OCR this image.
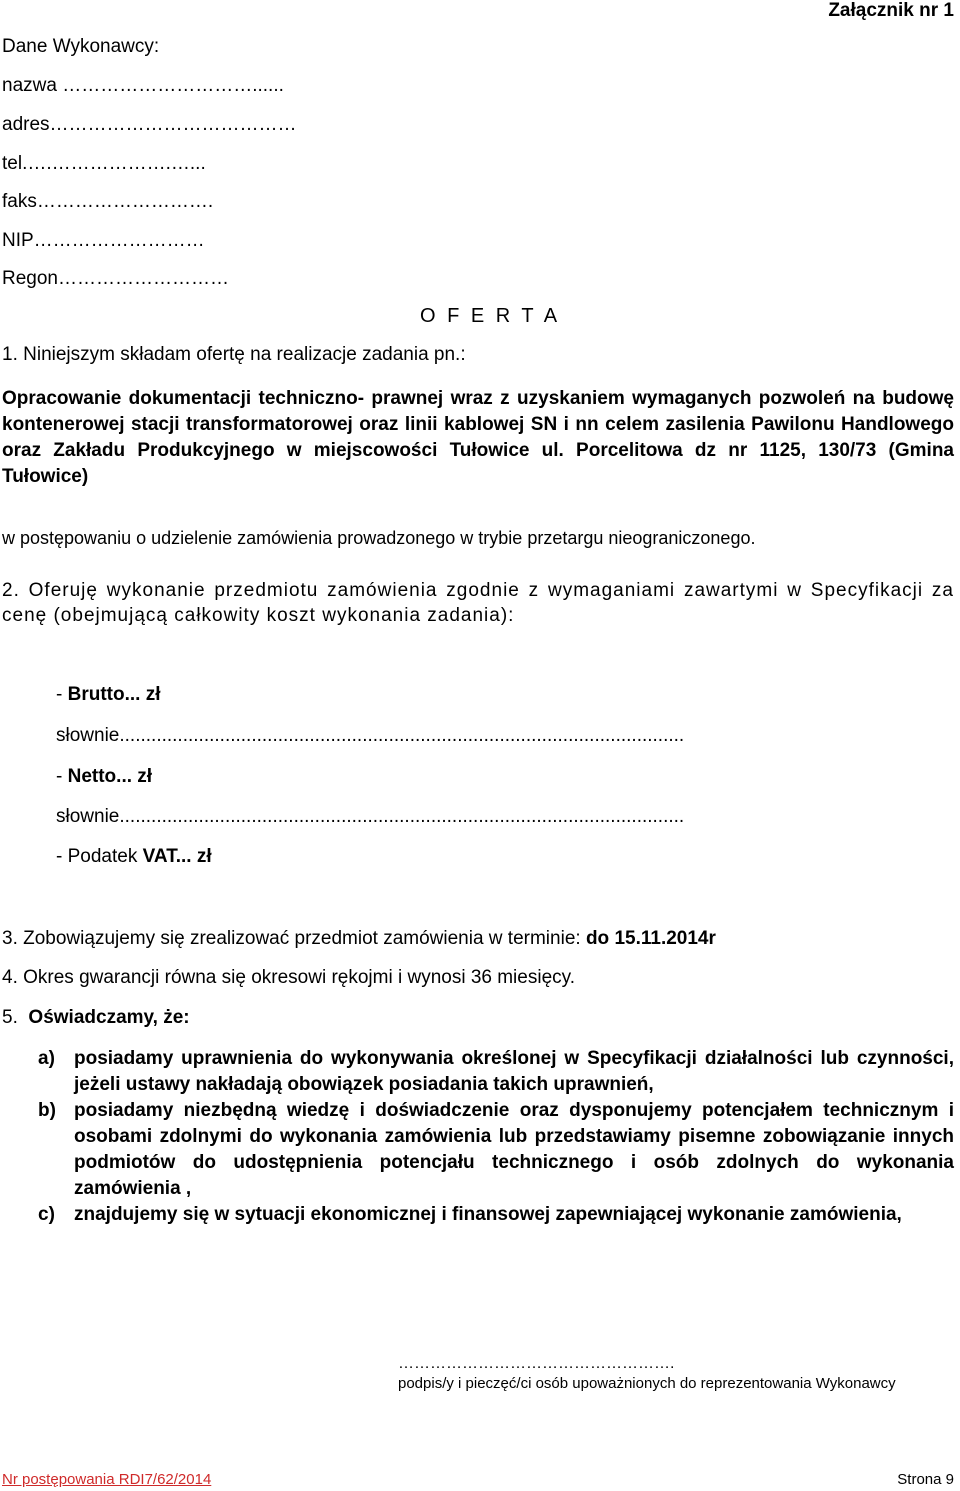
Załącznik nr 1
Dane Wykonawcy:
nazwa …………………………......
adres…………………………………
tel.….……………….…...
faks……………………….
NIP………………………
Regon………………………
O F E R T A
1. Niniejszym składam ofertę na realizacje zadania pn.:
Opracowanie dokumentacji techniczno- prawnej wraz z uzyskaniem wymaganych pozwoleń na budowę kontenerowej stacji transformatorowej oraz linii kablowej SN i nn celem zasilenia Pawilonu Handlowego oraz Zakładu Produkcyjnego w miejscowości Tułowice ul. Porcelitowa dz nr 1125, 130/73 (Gmina Tułowice)
w postępowaniu o udzielenie zamówienia prowadzonego w trybie przetargu nieograniczonego.
2. Oferuję wykonanie przedmiotu zamówienia zgodnie z wymaganiami zawartymi w Specyfikacji za cenę (obejmującą całkowity koszt wykonania zadania):
- Brutto... zł
słownie...........................................................................................................
- Netto... zł
słownie...........................................................................................................
- Podatek VAT... zł
3. Zobowiązujemy się zrealizować przedmiot zamówienia w terminie: do 15.11.2014r
4. Okres gwarancji równa się okresowi rękojmi i wynosi 36 miesięcy.
5. Oświadczamy, że:
a)	posiadamy uprawnienia do wykonywania określonej w Specyfikacji działalności lub czynności, jeżeli ustawy nakładają obowiązek posiadania takich uprawnień,
b) posiadamy niezbędną wiedzę i doświadczenie oraz dysponujemy potencjałem technicznym i osobami zdolnymi do wykonania zamówienia lub przedstawiamy pisemne zobowiązanie innych podmiotów do udostępnienia potencjału technicznego i osób zdolnych do wykonania zamówienia ,
c)	znajdujemy się w sytuacji ekonomicznej i finansowej zapewniającej wykonanie zamówienia,
…………………………………………….
podpis/y i pieczęć/ci osób upoważnionych do reprezentowania Wykonawcy
Nr postępowania RDI7/62/2014	Strona 9
